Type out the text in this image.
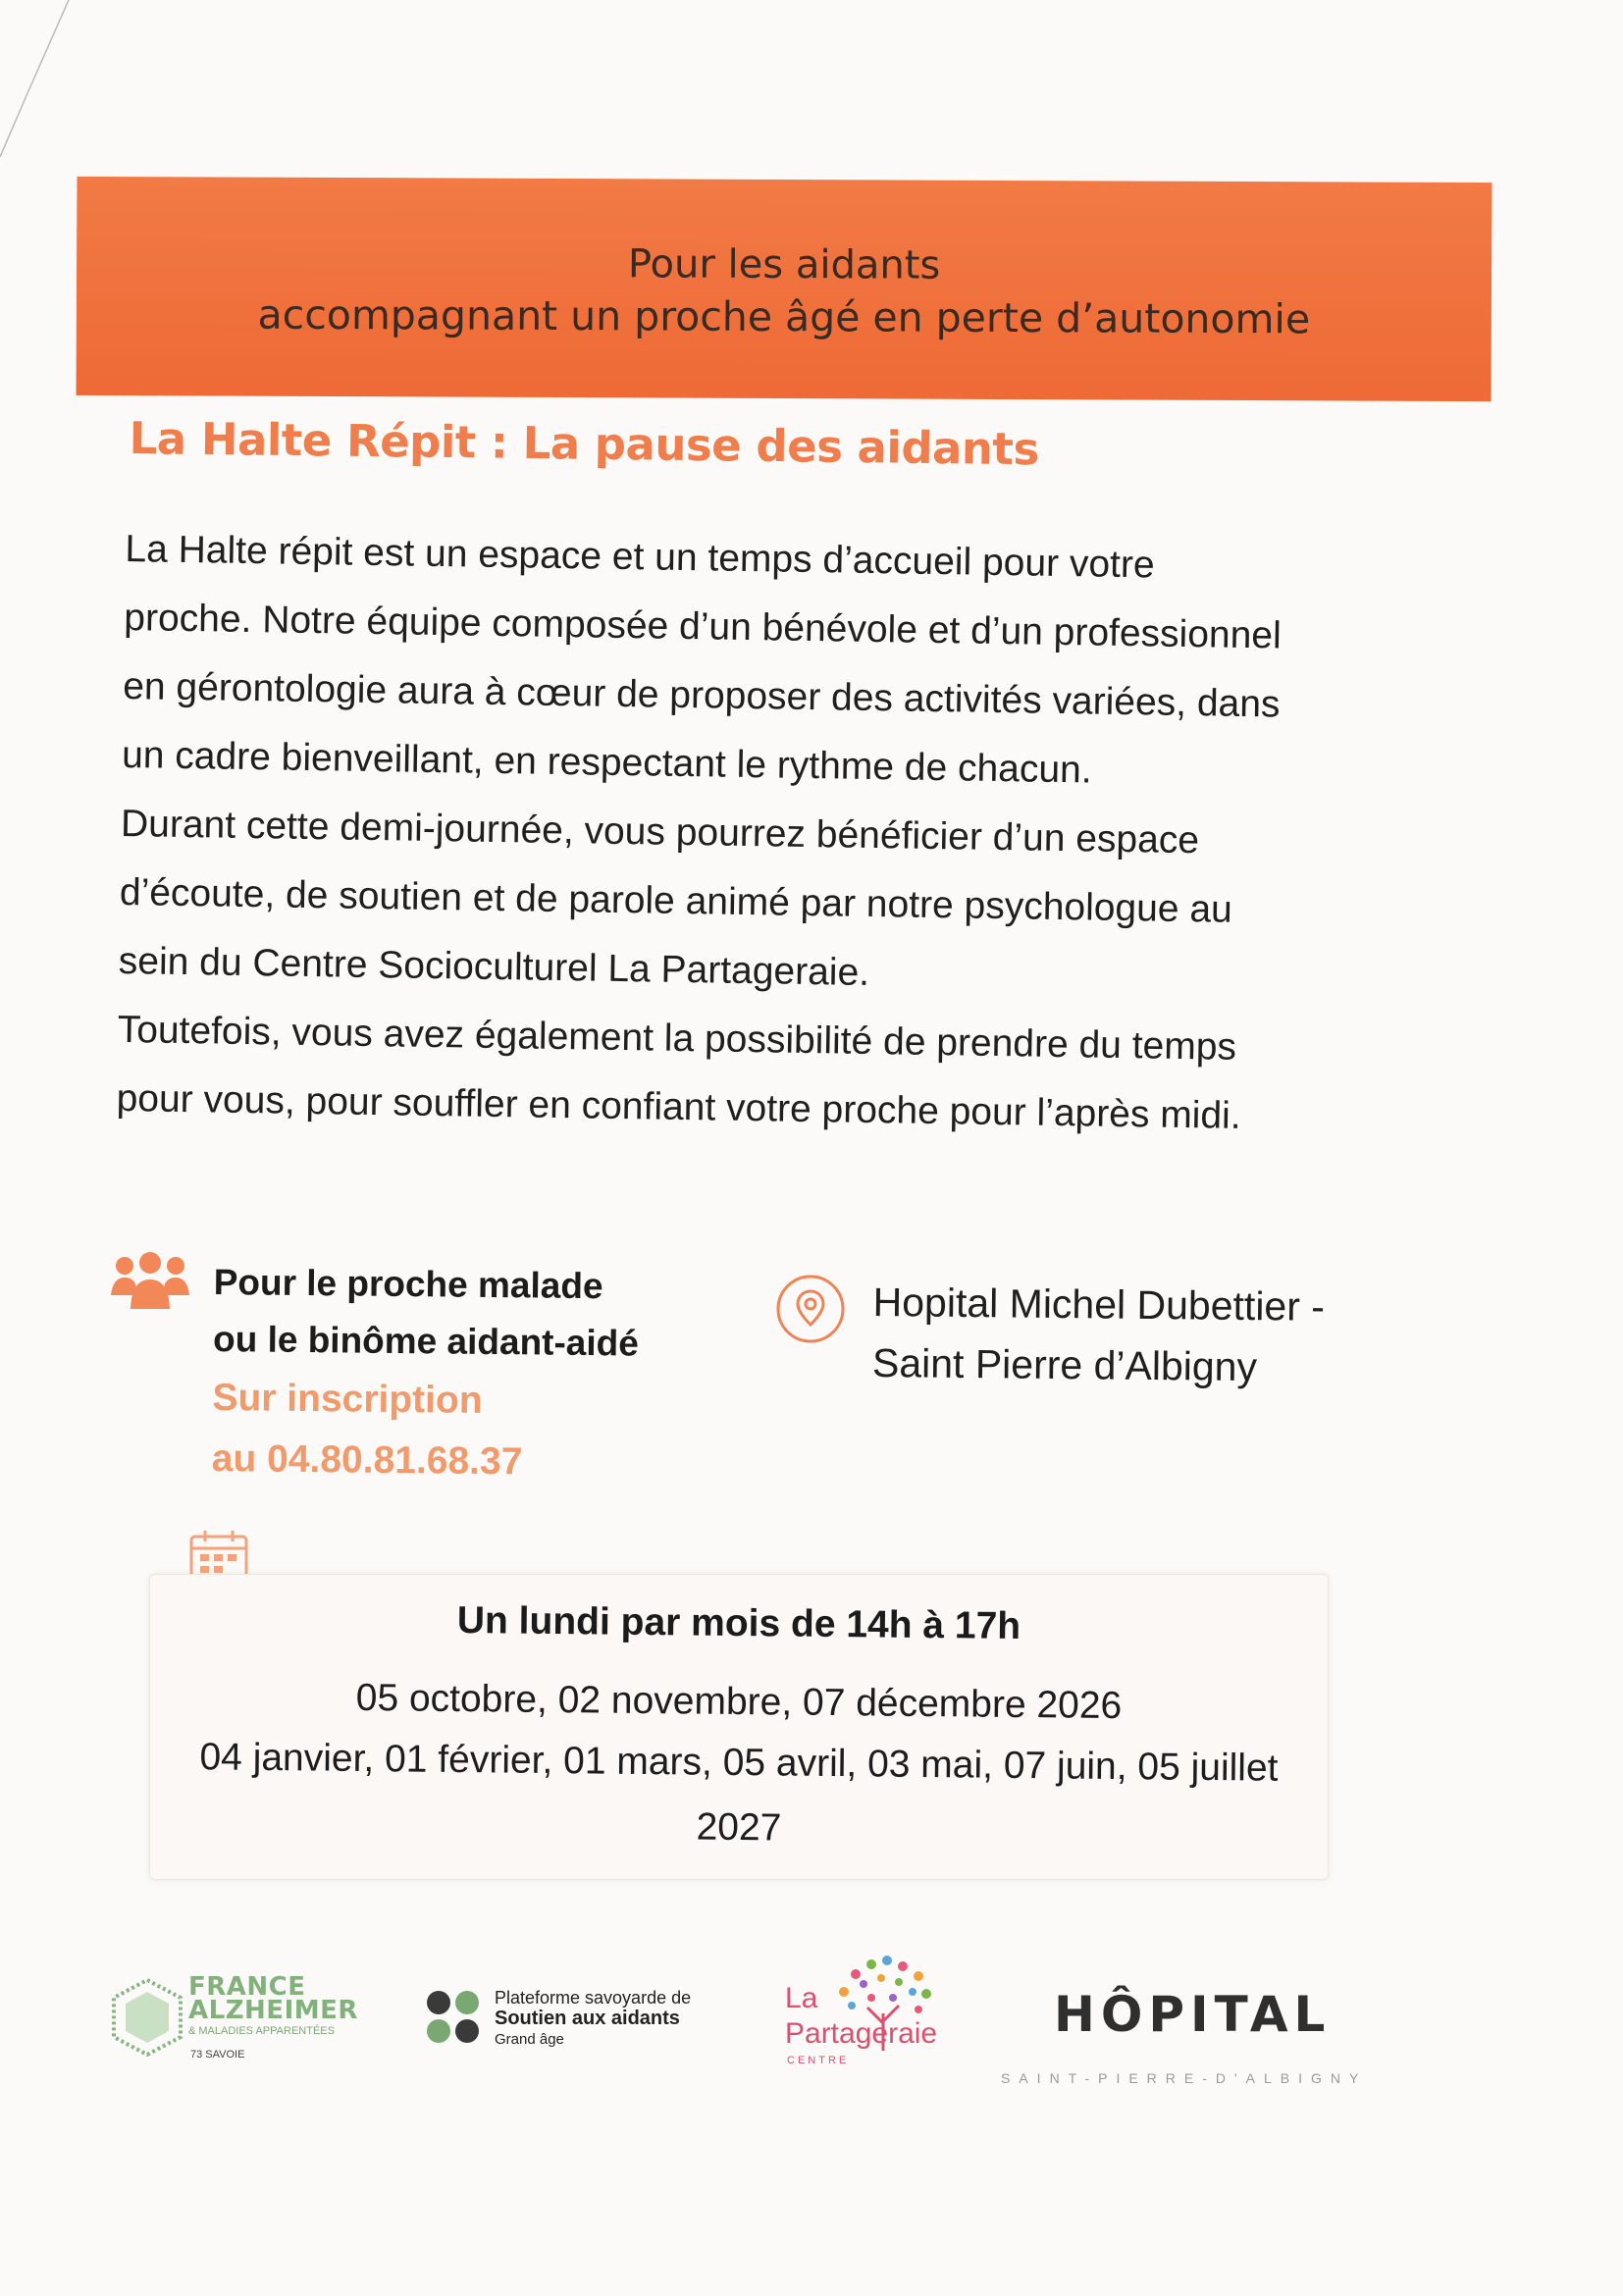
Pour les aidants
accompagnant un proche âgé en perte d’autonomie
La Halte Répit : La pause des aidants

La Halte répit est un espace et un temps d’accueil pour votre

proche. Notre équipe composée d’un bénévole et d’un professionnel

en gérontologie aura à cœur de proposer des activités variées, dans

un cadre bienveillant, en respectant le rythme de chacun.

Durant cette demi-journée, vous pourrez bénéficier d’un espace

d’écoute, de soutien et de parole animé par notre psychologue au

sein du Centre Socioculturel La Partageraie.

Toutefois, vous avez également la possibilité de prendre du temps

pour vous, pour souffler en confiant votre proche pour l’après midi.

Pour le proche malade
ou le binôme aidant-aidé
Sur inscription
au 04.80.81.68.37
Hopital Michel Dubettier -
Saint Pierre d’Albigny
Un lundi par mois de 14h à 17h
05 octobre, 02 novembre, 07 décembre 2026
04 janvier, 01 février, 01 mars, 05 avril, 03 mai, 07 juin, 05 juillet
2027
FRANCE
ALZHEIMER
& MALADIES APPARENTÉES
73 SAVOIE
Plateforme savoyarde de
Soutien aux aidants
Grand âge
La
Partageraie
CENTRE
HÔPITAL
SAINT-PIERRE-D'ALBIGNY
